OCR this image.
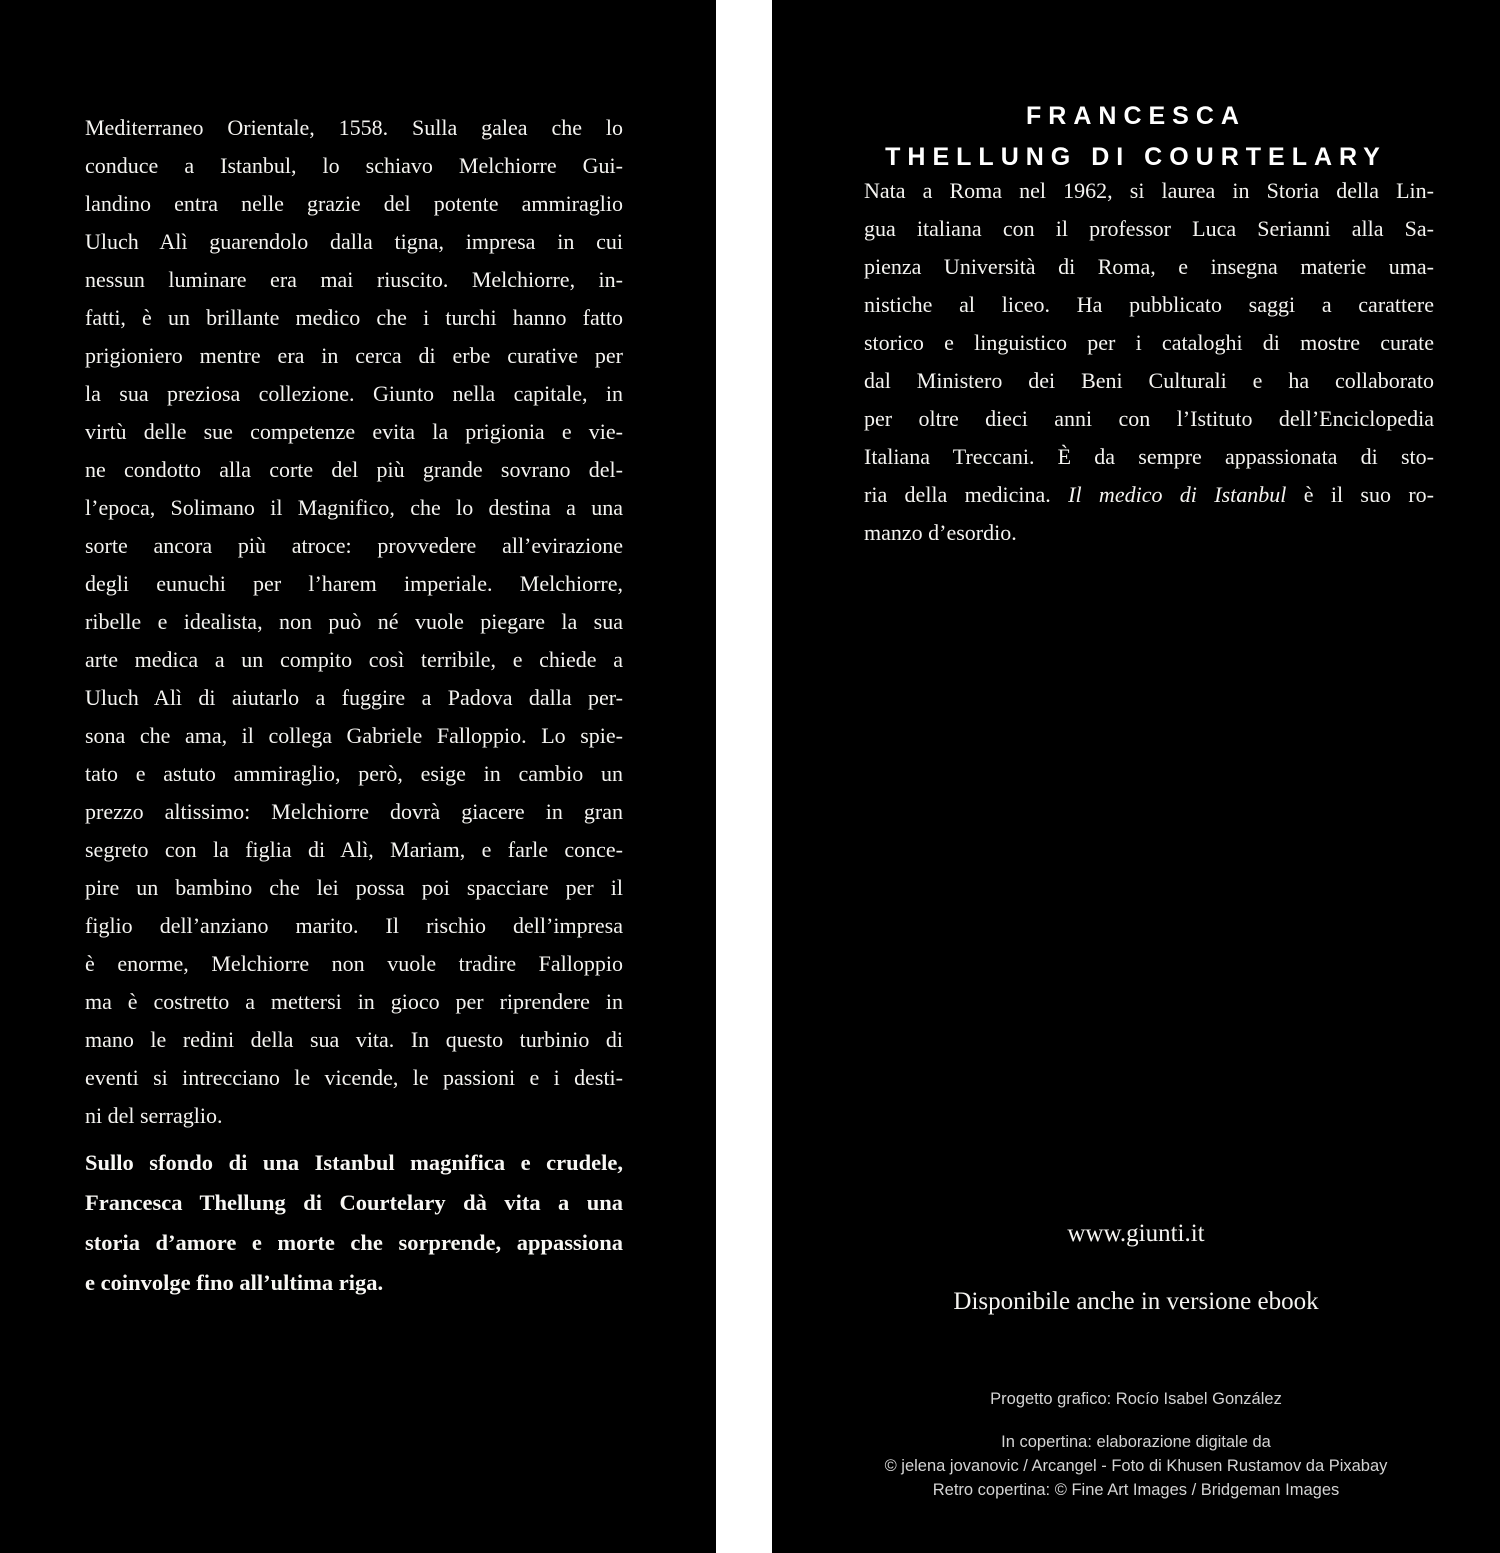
Mediterraneo Orientale, 1558. Sulla galea che lo
conduce a Istanbul, lo schiavo Melchiorre Gui-
landino entra nelle grazie del potente ammiraglio
Uluch Alì guarendolo dalla tigna, impresa in cui
nessun luminare era mai riuscito. Melchiorre, in-
fatti, è un brillante medico che i turchi hanno fatto
prigioniero mentre era in cerca di erbe curative per
la sua preziosa collezione. Giunto nella capitale, in
virtù delle sue competenze evita la prigionia e vie-
ne condotto alla corte del più grande sovrano del-
l’epoca, Solimano il Magnifico, che lo destina a una
sorte ancora più atroce: provvedere all’evirazione
degli eunuchi per l’harem imperiale. Melchiorre,
ribelle e idealista, non può né vuole piegare la sua
arte medica a un compito così terribile, e chiede a
Uluch Alì di aiutarlo a fuggire a Padova dalla per-
sona che ama, il collega Gabriele Falloppio. Lo spie-
tato e astuto ammiraglio, però, esige in cambio un
prezzo altissimo: Melchiorre dovrà giacere in gran
segreto con la figlia di Alì, Mariam, e farle conce-
pire un bambino che lei possa poi spacciare per il
figlio dell’anziano marito. Il rischio dell’impresa
è enorme, Melchiorre non vuole tradire Falloppio
ma è costretto a mettersi in gioco per riprendere in
mano le redini della sua vita. In questo turbinio di
eventi si intrecciano le vicende, le passioni e i desti-
ni del serraglio.
Sullo sfondo di una Istanbul magnifica e crudele,
Francesca Thellung di Courtelary dà vita a una
storia d’amore e morte che sorprende, appassiona
e coinvolge fino all’ultima riga.
FRANCESCA
THELLUNG DI COURTELARY
Nata a Roma nel 1962, si laurea in Storia della Lin-
gua italiana con il professor Luca Serianni alla Sa-
pienza Università di Roma, e insegna materie uma-
nistiche al liceo. Ha pubblicato saggi a carattere
storico e linguistico per i cataloghi di mostre curate
dal Ministero dei Beni Culturali e ha collaborato
per oltre dieci anni con l’Istituto dell’Enciclopedia
Italiana Treccani. È da sempre appassionata di sto-
ria della medicina. Il medico di Istanbul è il suo ro-
manzo d’esordio.
www.giunti.it
Disponibile anche in versione ebook
Progetto grafico: Rocío Isabel González
In copertina: elaborazione digitale da
© jelena jovanovic / Arcangel - Foto di Khusen Rustamov da Pixabay
Retro copertina: © Fine Art Images / Bridgeman Images
